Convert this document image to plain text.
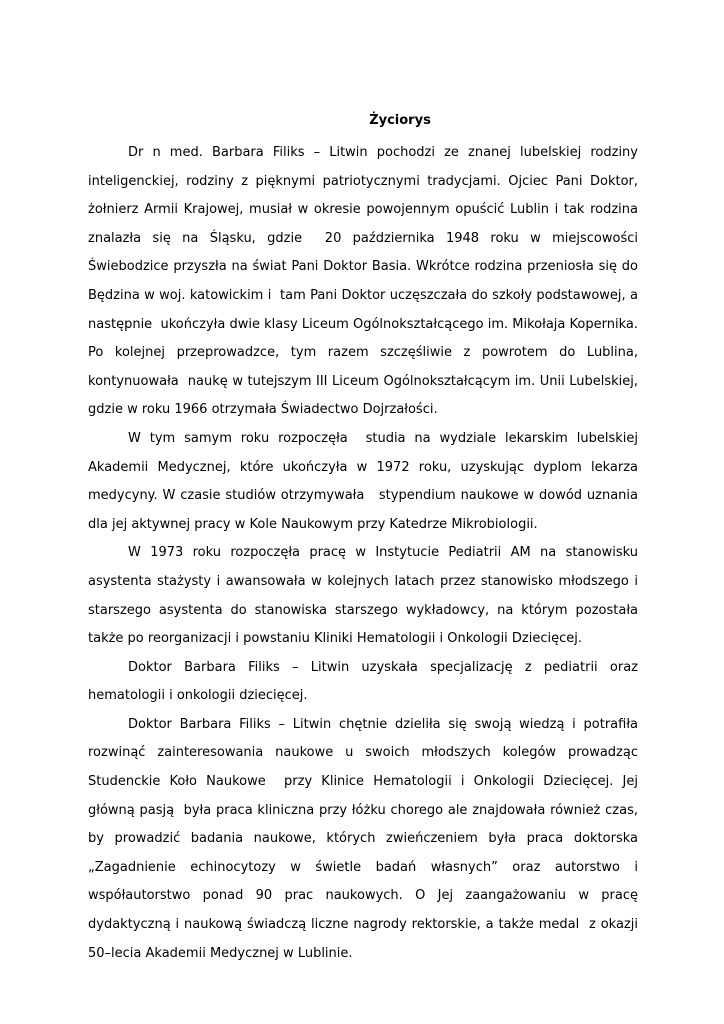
Życiorys

Dr n med. Barbara Filiks – Litwin pochodzi ze znanej lubelskiej rodziny inteligenckiej, rodziny z pięknymi patriotycznymi tradycjami. Ojciec Pani Doktor, żołnierz Armii Krajowej, musiał w okresie powojennym opuścić Lublin i tak rodzina znalazła się na Śląsku, gdzie  20 października 1948 roku w miejscowości Świebodzice przyszła na świat Pani Doktor Basia. Wkrótce rodzina przeniosła się do Będzina w woj. katowickim i  tam Pani Doktor uczęszczała do szkoły podstawowej, a następnie  ukończyła dwie klasy Liceum Ogólnokształcącego im. Mikołaja Kopernika.  Po kolejnej przeprowadzce, tym razem szczęśliwie z powrotem do Lublina, kontynuowała  naukę w tutejszym III Liceum Ogólnokształcącym im. Unii Lubelskiej, gdzie w roku 1966 otrzymała Świadectwo Dojrzałości.

W tym samym roku rozpoczęła  studia na wydziale lekarskim lubelskiej Akademii Medycznej, które ukończyła w 1972 roku, uzyskując dyplom lekarza medycyny. W czasie studiów otrzymywała   stypendium naukowe w dowód uznania dla jej aktywnej pracy w Kole Naukowym przy Katedrze Mikrobiologii.

W 1973 roku rozpoczęła pracę w Instytucie Pediatrii AM na stanowisku asystenta stażysty i awansowała w kolejnych latach przez stanowisko młodszego i starszego asystenta do stanowiska starszego wykładowcy, na którym pozostała także po reorganizacji i powstaniu Kliniki Hematologii i Onkologii Dziecięcej.

Doktor Barbara Filiks – Litwin uzyskała specjalizację z pediatrii oraz hematologii i onkologii dziecięcej.

Doktor Barbara Filiks – Litwin chętnie dzieliła się swoją wiedzą i potrafiła rozwinąć zainteresowania naukowe u swoich młodszych kolegów prowadząc Studenckie Koło Naukowe  przy Klinice Hematologii i Onkologii Dziecięcej. Jej główną pasją  była praca kliniczna przy łóżku chorego ale znajdowała również czas, by prowadzić badania naukowe, których zwieńczeniem była praca doktorska „Zagadnienie echinocytozy w świetle badań własnych” oraz autorstwo i współautorstwo ponad 90 prac naukowych. O Jej zaangażowaniu w pracę dydaktyczną i naukową świadczą liczne nagrody rektorskie, a także medal  z okazji 50–lecia Akademii Medycznej w Lublinie.
